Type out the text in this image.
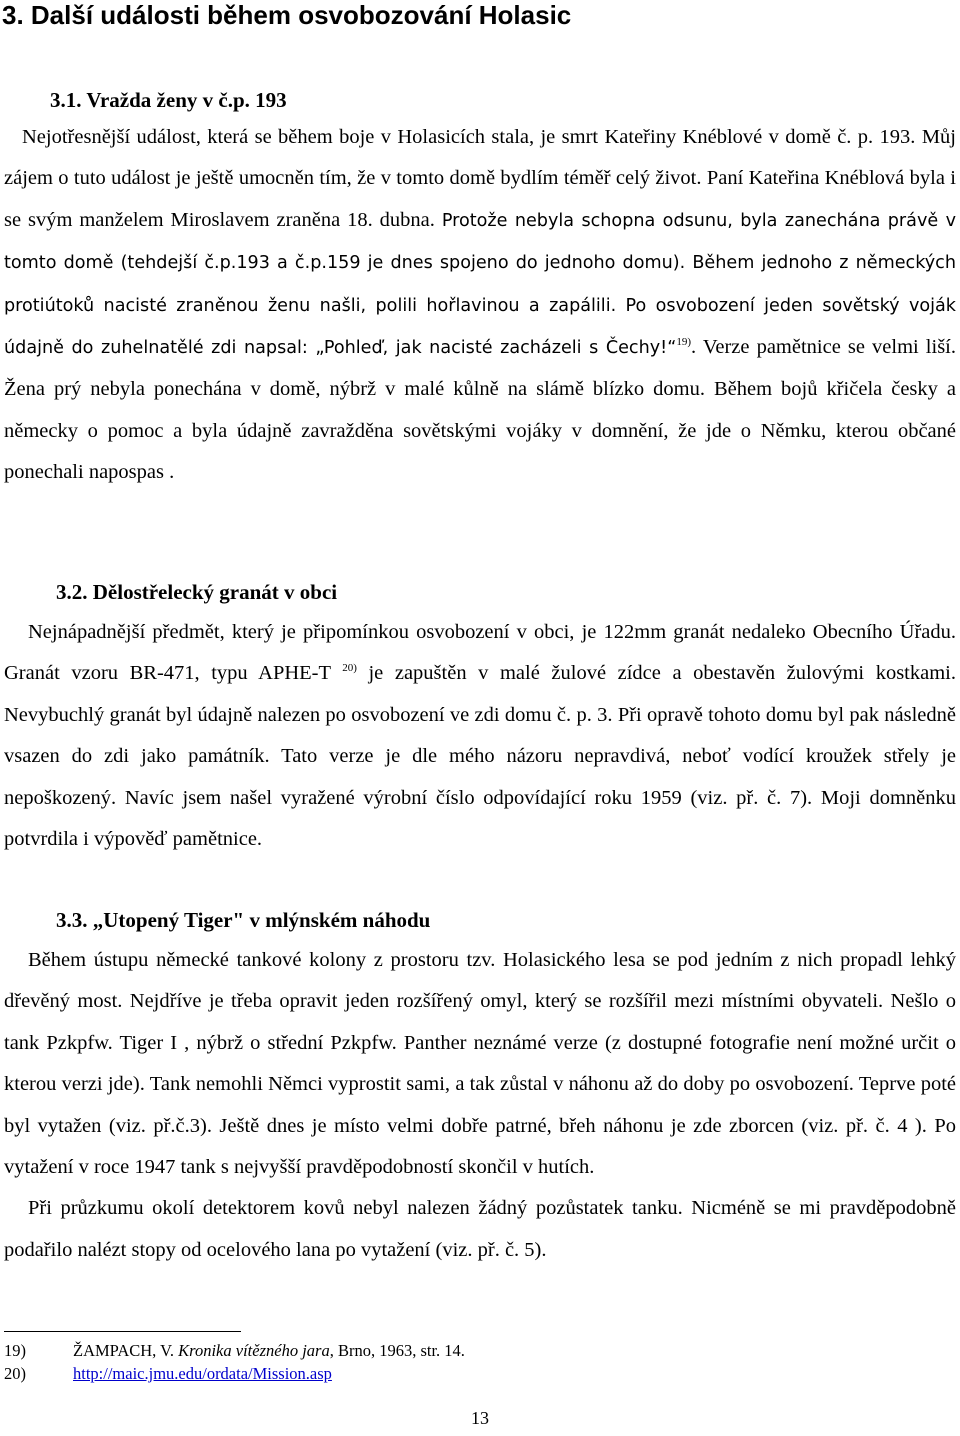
3. Další události během osvobozování Holasic
3.1. Vražda ženy v č.p. 193

Nejotřesnější událost, která se během boje v Holasicích stala, je smrt Kateřiny Knéblové v domě č. p. 193. Můj zájem o tuto událost je ještě umocněn tím, že v tomto domě bydlím téměř celý život. Paní Kateřina Knéblová byla i se svým manželem Miroslavem zraněna 18. dubna. Protože nebyla schopna odsunu, byla zanechána právě v tomto domě (tehdejší č.p.193 a č.p.159 je dnes spojeno do jednoho domu). Během jednoho z německých protiútoků nacisté zraněnou ženu našli, polili hořlavinou a zapálili. Po osvobození jeden sovětský voják údajně do zuhelnatělé zdi napsal: „Pohleď, jak nacisté zacházeli s Čechy!“$^{19)}$. Verze pamětnice se velmi liší. Žena prý nebyla ponechána v domě, nýbrž v malé kůlně na slámě blízko domu. Během bojů křičela česky a německy o pomoc a byla údajně zavražděna sovětskými vojáky v domnění, že jde o Němku, kterou občané ponechali napospas .

3.2. Dělostřelecký granát v obci

Nejnápadnější předmět, který je připomínkou osvobození v obci, je 122mm granát nedaleko Obecního Úřadu. Granát vzoru BR-471, typu APHE-T $^{20)}$ je zapuštěn v malé žulové zídce a obestavěn žulovými kostkami. Nevybuchlý granát byl údajně nalezen po osvobození ve zdi domu č. p. 3. Při opravě tohoto domu byl pak následně vsazen do zdi jako památník. Tato verze je dle mého názoru nepravdivá, neboť vodící kroužek střely je nepoškozený. Navíc jsem našel vyražené výrobní číslo odpovídající roku 1959 (viz. př. č. 7). Moji domněnku potvrdila i výpověď pamětnice.

3.3. „Utopený Tiger" v mlýnském náhodu

Během ústupu německé tankové kolony z prostoru tzv. Holasického lesa se pod jedním z nich propadl lehký dřevěný most. Nejdříve je třeba opravit jeden rozšířený omyl, který se rozšířil mezi místními obyvateli. Nešlo o tank Pzkpfw. Tiger I , nýbrž o střední Pzkpfw. Panther neznámé verze (z dostupné fotografie není možné určit o kterou verzi jde). Tank nemohli Němci vyprostit sami, a tak zůstal v náhonu až do doby po osvobození. Teprve poté byl vytažen (viz. př.č.3). Ještě dnes je místo velmi dobře patrné, břeh náhonu je zde zborcen (viz. př. č. 4 ). Po vytažení v roce 1947 tank s nejvyšší pravděpodobností skončil v hutích.

Při průzkumu okolí detektorem kovů nebyl nalezen žádný pozůstatek tanku. Nicméně se mi pravděpodobně podařilo nalézt stopy od ocelového lana po vytažení (viz. př. č. 5).

19)	ŽAMPACH, V. Kronika vítězného jara, Brno, 1963, str. 14.
20)	http://maic.jmu.edu/ordata/Mission.asp
13
